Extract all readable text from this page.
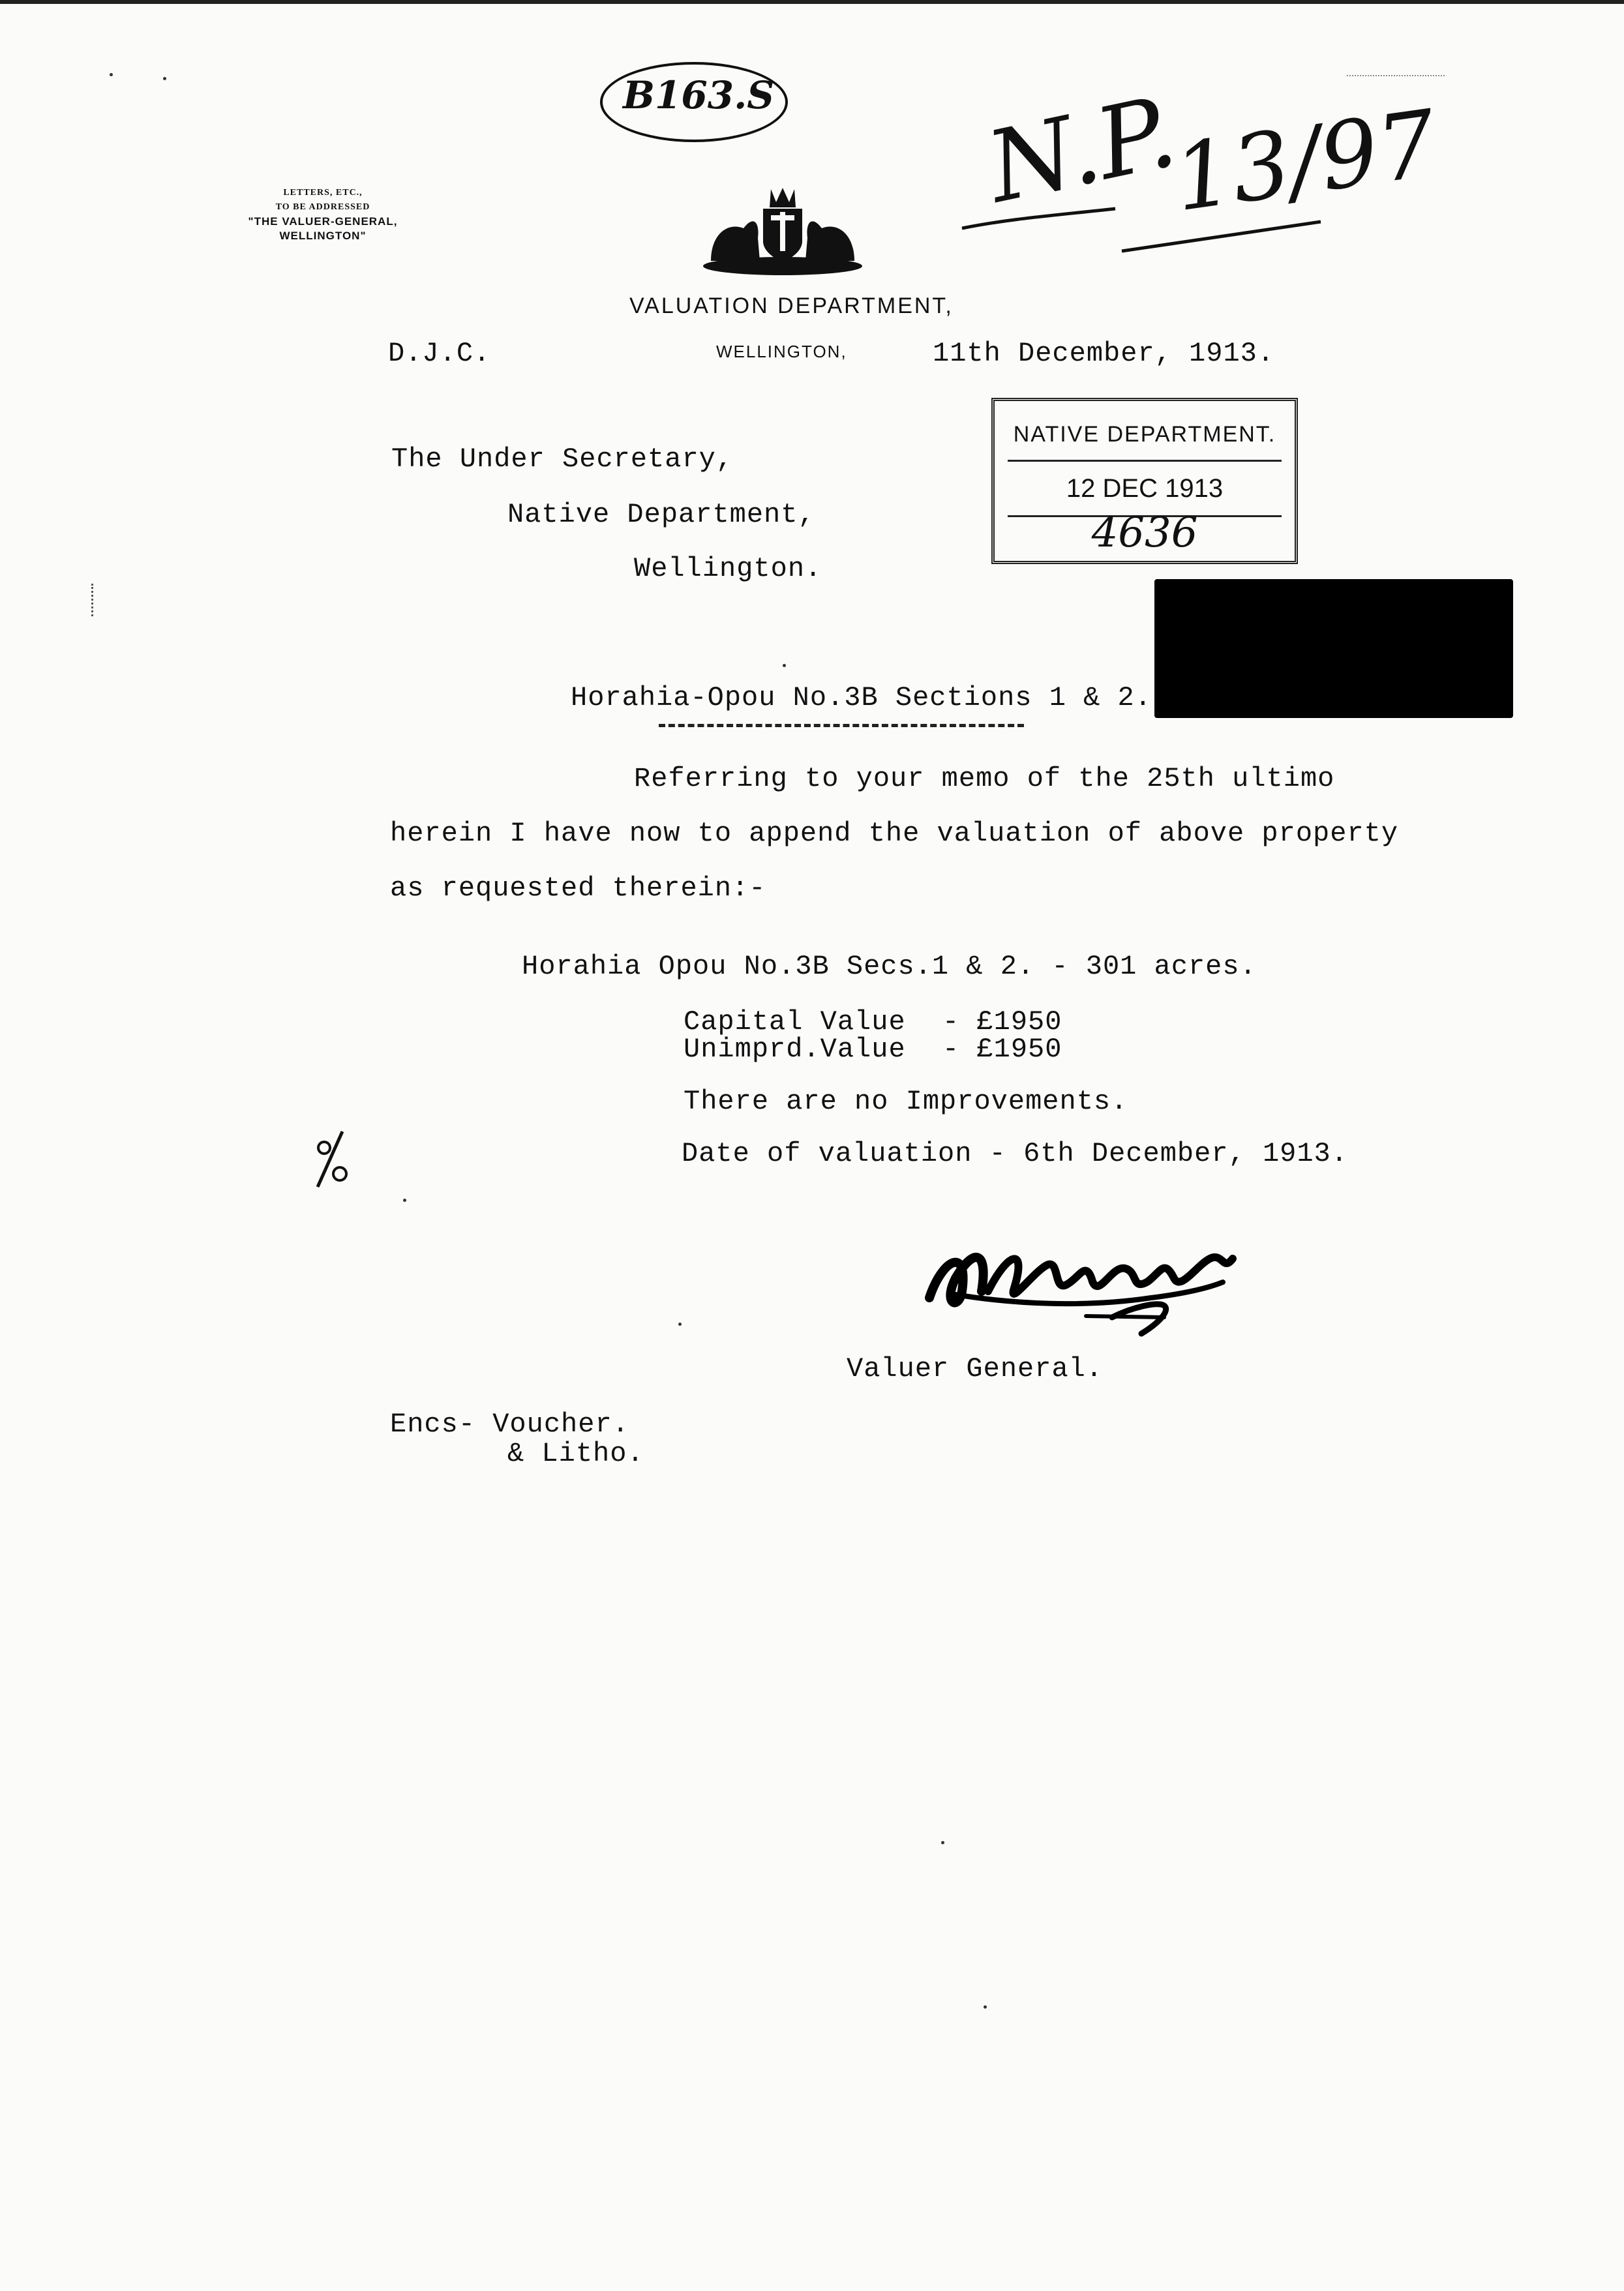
B163.S N.P.
13/97
LETTERS, ETC.,
TO BE ADDRESSED
"THE VALUER-GENERAL,
WELLINGTON"
VALUATION DEPARTMENT,
D.J.C.	WELLINGTON,	11th December, 1913.
NATIVE DEPARTMENT.
12 DEC 1913
4636
The Under Secretary,
Native Department,
Wellington.
Horahia-Opou No.3B Sections 1 & 2.
Referring to your memo of the 25th ultimo
herein I have now to append the valuation of above property
as requested therein:-
Horahia Opou No.3B Secs.1 & 2. - 301 acres.
Capital Value - £1950
Unimprd.Value - £1950
There are no Improvements.
Date of valuation - 6th December, 1913.
Valuer General.
Encs- Voucher.
& Litho.
